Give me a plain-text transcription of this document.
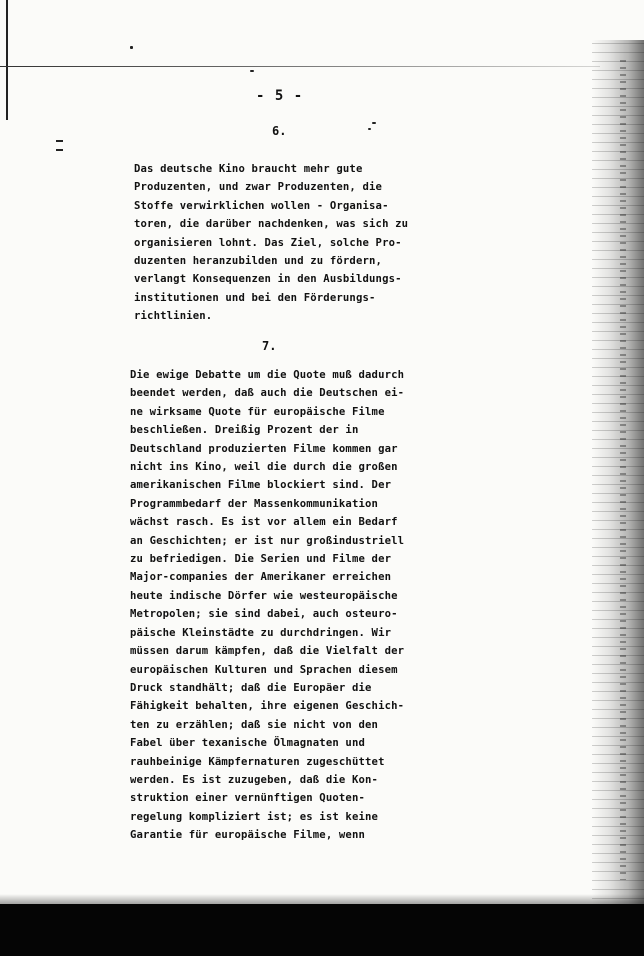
- 5 -
6.
Das deutsche Kino braucht mehr gute
Produzenten, und zwar Produzenten, die
Stoffe verwirklichen wollen - Organisa-
toren, die darüber nachdenken, was sich zu
organisieren lohnt. Das Ziel, solche Pro-
duzenten heranzubilden und zu fördern,
verlangt Konsequenzen in den Ausbildungs-
institutionen und bei den Förderungs-
richtlinien.
7.
Die ewige Debatte um die Quote muß dadurch
beendet werden, daß auch die Deutschen ei-
ne wirksame Quote für europäische Filme
beschließen. Dreißig Prozent der in
Deutschland produzierten Filme kommen gar
nicht ins Kino, weil die durch die großen
amerikanischen Filme blockiert sind. Der
Programmbedarf der Massenkommunikation
wächst rasch. Es ist vor allem ein Bedarf
an Geschichten; er ist nur großindustriell
zu befriedigen. Die Serien und Filme der
Major-companies der Amerikaner erreichen
heute indische Dörfer wie westeuropäische
Metropolen; sie sind dabei, auch osteuro-
päische Kleinstädte zu durchdringen. Wir
müssen darum kämpfen, daß die Vielfalt der
europäischen Kulturen und Sprachen diesem
Druck standhält; daß die Europäer die
Fähigkeit behalten, ihre eigenen Geschich-
ten zu erzählen; daß sie nicht von den
Fabel über texanische Ölmagnaten und
rauhbeinige Kämpfernaturen zugeschüttet
werden. Es ist zuzugeben, daß die Kon-
struktion einer vernünftigen Quoten-
regelung kompliziert ist; es ist keine
Garantie für europäische Filme, wenn
